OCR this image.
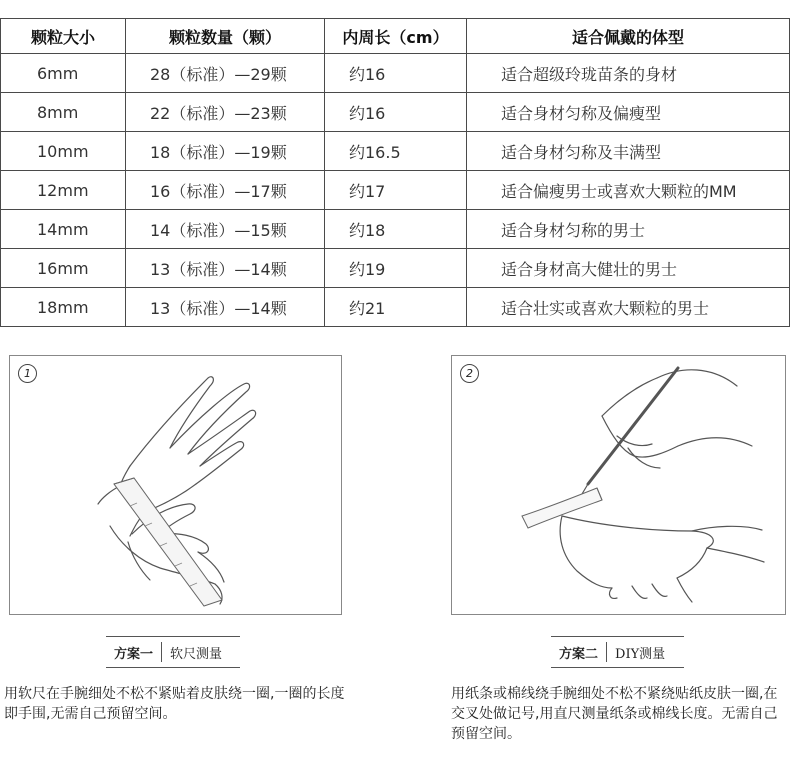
颗粒大小	颗粒数量（颗）	内周长（cm）	适合佩戴的体型
6mm	28（标准）—29颗	约16	适合超级玲珑苗条的身材
8mm	22（标准）—23颗	约16	适合身材匀称及偏瘦型
10mm	18（标准）—19颗	约16.5	适合身材匀称及丰满型
12mm	16（标准）—17颗	约17	适合偏瘦男士或喜欢大颗粒的MM
14mm	14（标准）—15颗	约18	适合身材匀称的男士
16mm	13（标准）—14颗	约19	适合身材高大健壮的男士
18mm	13（标准）—14颗	约21	适合壮实或喜欢大颗粒的男士
1	2
方案一	软尺测量	方案二	DIY测量
用软尺在手腕细处不松不紧贴着皮肤绕一圈,一圈的长度即手围,无需自己预留空间。
用纸条或棉线绕手腕细处不松不紧绕贴纸皮肤一圈,在交叉处做记号,用直尺测量纸条或棉线长度。无需自己预留空间。
